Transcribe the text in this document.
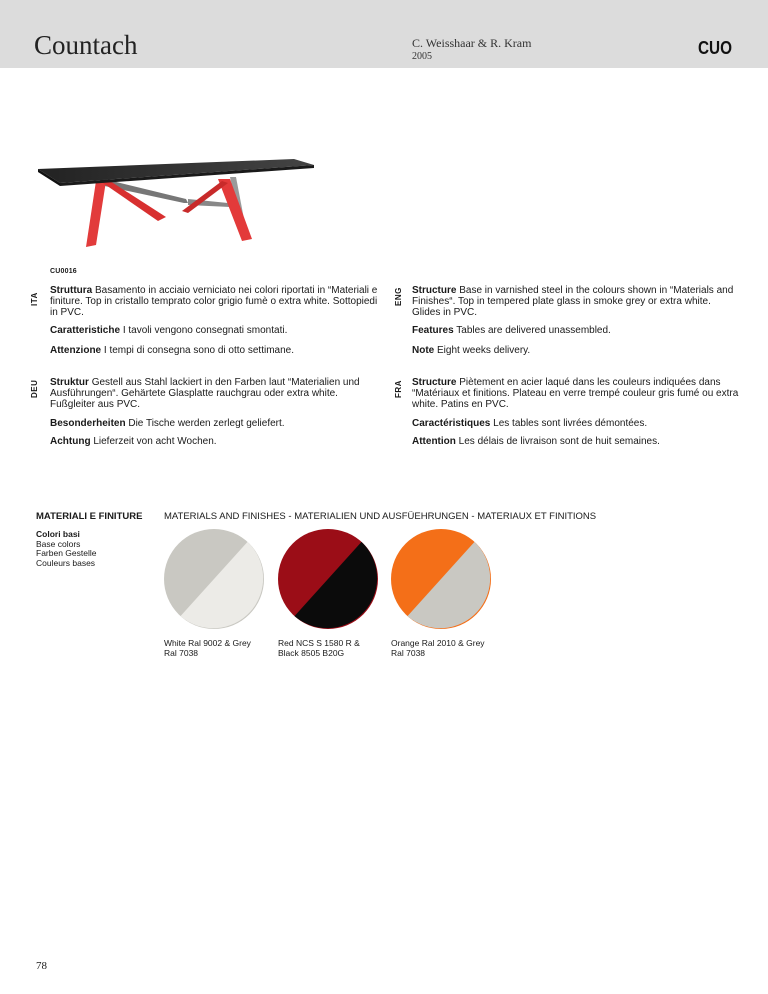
Countach	C. Weisshaar & R. Kram
2005	CUO
CU0016
ITA
Struttura Basamento in acciaio verniciato nei colori riportati in “Materiali e finiture. Top in cristallo temprato color grigio fumè o extra white. Sottopiedi in PVC.
Caratteristiche I tavoli vengono consegnati smontati.
Attenzione I tempi di consegna sono di otto settimane.
ENG Structure Base in varnished steel in the colours shown in “Materials and Finishes“. Top in tempered plate glass in smoke grey or extra white. Glides in PVC.
Features Tables are delivered unassembled.
Note Eight weeks delivery.
DEU Struktur Gestell aus Stahl lackiert in den Farben laut “Materialien und Ausführungen“. Gehärtete Glasplatte rauchgrau oder extra white. Fußgleiter aus PVC.
Besonderheiten Die Tische werden zerlegt geliefert.
Achtung Lieferzeit von acht Wochen.
FRA Structure Piètement en acier laqué dans les couleurs indiquées dans “Matériaux et finitions. Plateau en verre trempé couleur gris fumé ou extra white. Patins en PVC.
Caractéristiques Les tables sont livrées démontées.
Attention Les délais de livraison sont de huit semaines.
MATERIALI E FINITURE MATERIALS AND FINISHES - MATERIALIEN UND AUSFÜEHRUNGEN - MATERIAUX ET FINITIONS
Colori basi
Base colors
Farben Gestelle
Couleurs bases
White Ral 9002 & Grey Ral 7038
Red NCS S 1580 R & Black 8505 B20G
Orange Ral 2010 & Grey Ral 7038
78
